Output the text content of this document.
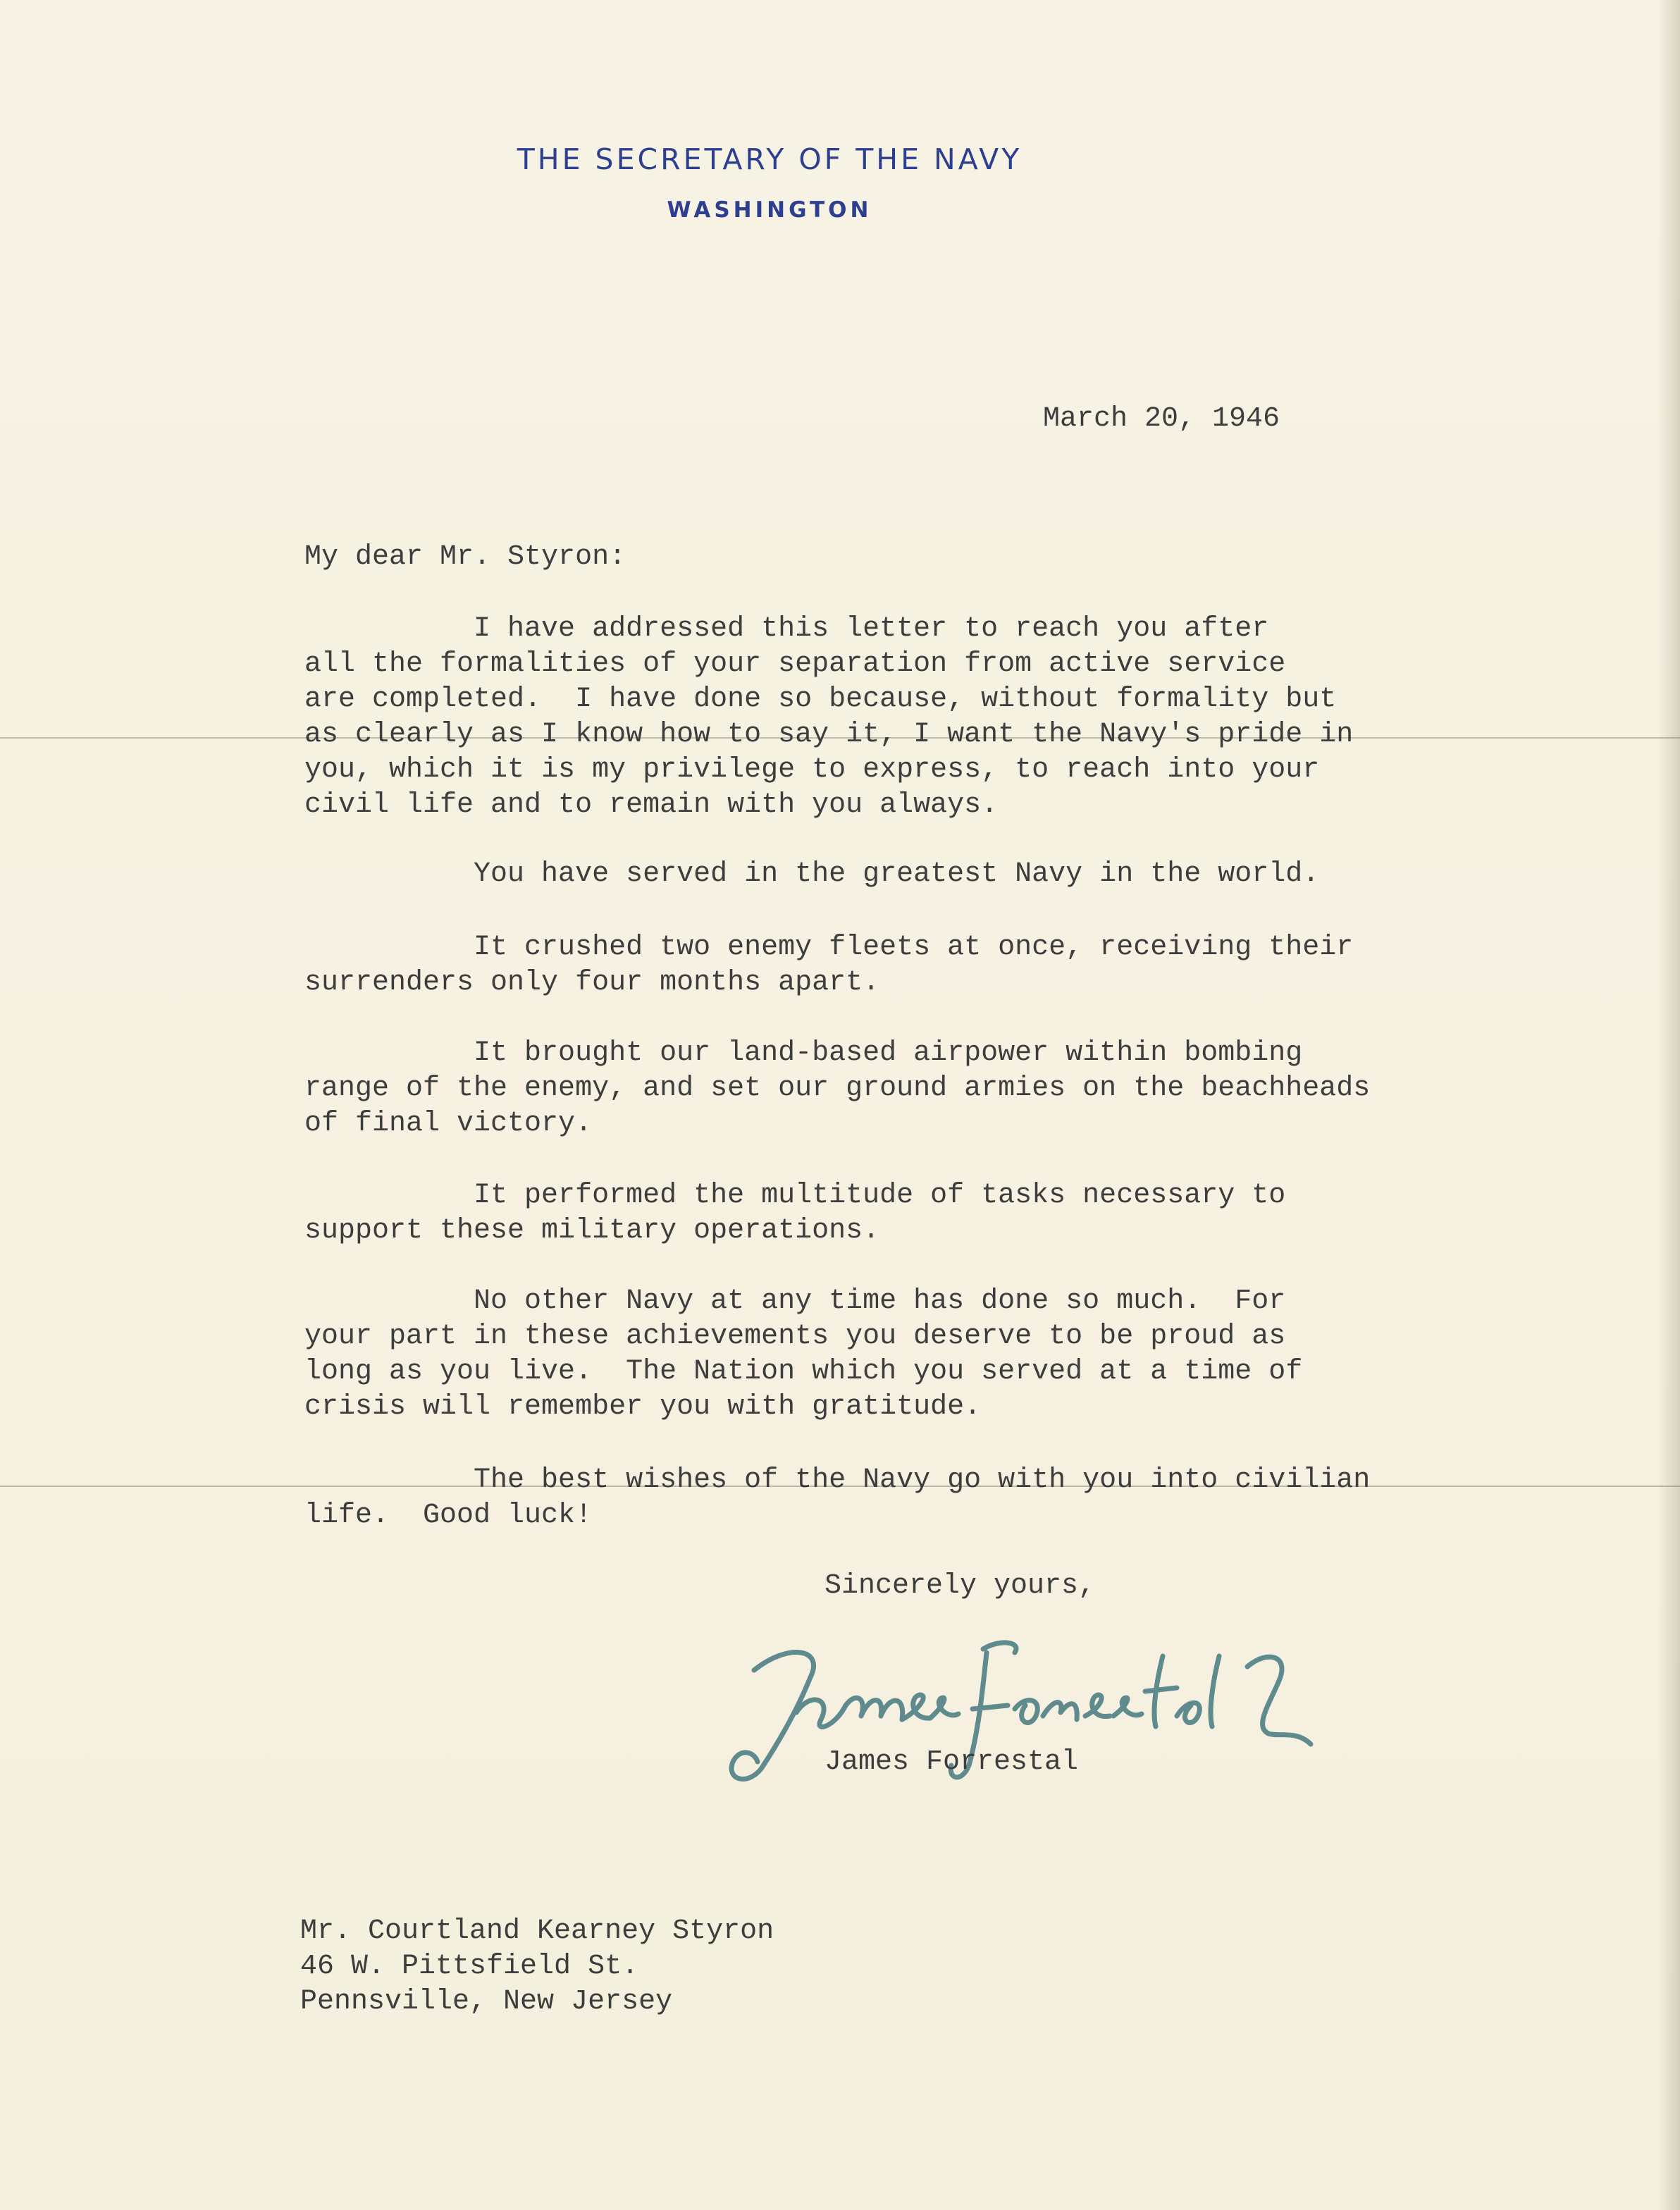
THE SECRETARY OF THE NAVY
WASHINGTON
March 20, 1946
My dear Mr. Styron:
I have addressed this letter to reach you after
all the formalities of your separation from active service
are completed.  I have done so because, without formality but
as clearly as I know how to say it, I want the Navy's pride in
you, which it is my privilege to express, to reach into your
civil life and to remain with you always.
You have served in the greatest Navy in the world.
It crushed two enemy fleets at once, receiving their
surrenders only four months apart.
It brought our land-based airpower within bombing
range of the enemy, and set our ground armies on the beachheads
of final victory.
It performed the multitude of tasks necessary to
support these military operations.
No other Navy at any time has done so much.  For
your part in these achievements you deserve to be proud as
long as you live.  The Nation which you served at a time of
crisis will remember you with gratitude.
The best wishes of the Navy go with you into civilian
life.  Good luck!
Sincerely yours,
James Forrestal
Mr. Courtland Kearney Styron
46 W. Pittsfield St.
Pennsville, New Jersey
